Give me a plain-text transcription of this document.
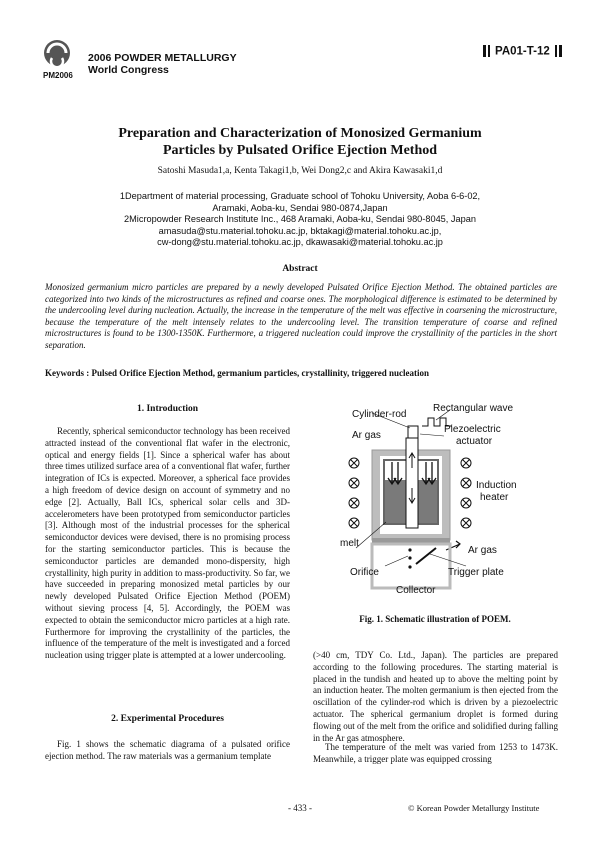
PM2006
2006 POWDER METALLURGY
World Congress
PA01-T-12
Preparation and Characterization of Monosized Germanium
Particles by Pulsated Orifice Ejection Method
Satoshi Masuda1,a, Kenta Takagi1,b, Wei Dong2,c and Akira Kawasaki1,d
1Department of material processing, Graduate school of Tohoku University, Aoba 6-6-02,
Aramaki, Aoba-ku, Sendai 980-0874,Japan
2Micropowder Research Institute Inc., 468 Aramaki, Aoba-ku, Sendai 980-8045, Japan
amasuda@stu.material.tohoku.ac.jp, bktakagi@material.tohoku.ac.jp,
cw-dong@stu.material.tohoku.ac.jp, dkawasaki@material.tohoku.ac.jp
Abstract
Monosized germanium micro particles are prepared by a newly developed Pulsated Orifice Ejection Method. The obtained particles are categorized into two kinds of the microstructures as refined and coarse ones. The morphological difference is estimated to be determined by the undercooling level during nucleation. Actually, the increase in the temperature of the melt was effective in coarsening the microstructure, because the temperature of the melt intensely relates to the undercooling level. The transition temperature of coarse and refined microstructures is found to be 1300-1350K. Furthermore, a triggered nucleation could improve the crystallinity of the particles in the short separation.
Keywords : Pulsed Orifice Ejection Method, germanium particles, crystallinity, triggered nucleation
1. Introduction

Recently, spherical semiconductor technology has been received attracted instead of the conventional flat wafer in the electronic, optical and energy fields [1]. Since a spherical wafer has about three times utilized surface area of a conventional flat wafer, further integration of ICs is expected. Moreover, a spherical face provides a high freedom of device design on account of symmetry and no edge [2]. Actually, Ball ICs, spherical solar cells and 3D-accelerometers have been prototyped from semiconductor particles [3]. Although most of the industrial processes for the spherical semiconductor devices were devised, there is no promising process for the starting semiconductor particles. This is because the semiconductor particles are demanded mono-dispersity, high crystallinity, high purity in addition to mass-productivity. So far, we have succeeded in preparing monosized metal particles by our newly developed Pulsated Orifice Ejection Method (POEM) without sieving process [4, 5]. Accordingly, the POEM was expected to obtain the semiconductor micro particles at a high rate. Furthermore for improving the crystallinity of the particles, the influence of the temperature of the melt is investigated and a forced nucleation using trigger plate is attempted at a lower undercooling.

2. Experimental Procedures

Fig. 1 shows the schematic diagrama of a pulsated orifice ejection method. The raw materials was a germanium template

Cylinder-rod
Rectangular wave
Ar gas
Piezoelectric
actuator
Induction
heater
melt
Ar gas
Orifice	Trigger plate
Collector
Fig. 1. Schematic illustration of POEM.

(>40 cm, TDY Co. Ltd., Japan). The particles are prepared according to the following procedures. The starting material is placed in the tundish and heated up to above the melting point by an induction heater. The molten germanium is then ejected from the oscillation of the cylinder-rod which is driven by a piezoelectric actuator. The spherical germanium droplet is formed during flowing out of the melt from the orifice and solidified during falling in the Ar gas atmosphere.

The temperature of the melt was varied from 1253 to 1473K. Meanwhile, a trigger plate was equipped crossing

- 433 -	© Korean Powder Metallurgy Institute
